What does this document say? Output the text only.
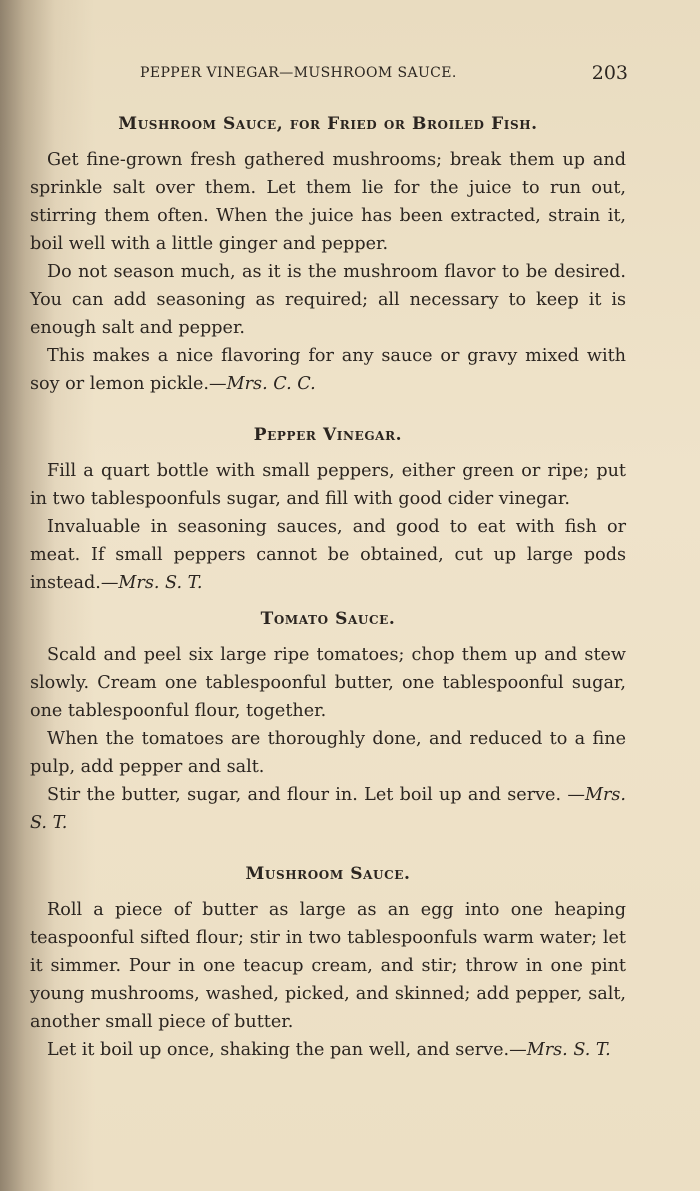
PEPPER VINEGAR—MUSHROOM SAUCE.	203
Mushroom Sauce, for Fried or Broiled Fish.

Get fine-grown fresh gathered mushrooms; break them up and sprinkle salt over them. Let them lie for the juice to run out, stirring them often. When the juice has been extracted, strain it, boil well with a little ginger and pepper.

Do not season much, as it is the mushroom flavor to be desired. You can add seasoning as required; all necessary to keep it is enough salt and pepper.

This makes a nice flavoring for any sauce or gravy mixed with soy or lemon pickle.—Mrs. C. C.

Pepper Vinegar.

Fill a quart bottle with small peppers, either green or ripe; put in two tablespoonfuls sugar, and fill with good cider vinegar.

Invaluable in seasoning sauces, and good to eat with fish or meat. If small peppers cannot be obtained, cut up large pods instead.—Mrs. S. T.

Tomato Sauce.

Scald and peel six large ripe tomatoes; chop them up and stew slowly. Cream one tablespoonful butter, one tablespoonful sugar, one tablespoonful flour, together.

When the tomatoes are thoroughly done, and reduced to a fine pulp, add pepper and salt.

Stir the butter, sugar, and flour in. Let boil up and serve. —Mrs. S. T.

Mushroom Sauce.

Roll a piece of butter as large as an egg into one heaping teaspoonful sifted flour; stir in two tablespoonfuls warm water; let it simmer. Pour in one teacup cream, and stir; throw in one pint young mushrooms, washed, picked, and skinned; add pepper, salt, another small piece of butter.

Let it boil up once, shaking the pan well, and serve.—Mrs. S. T.
